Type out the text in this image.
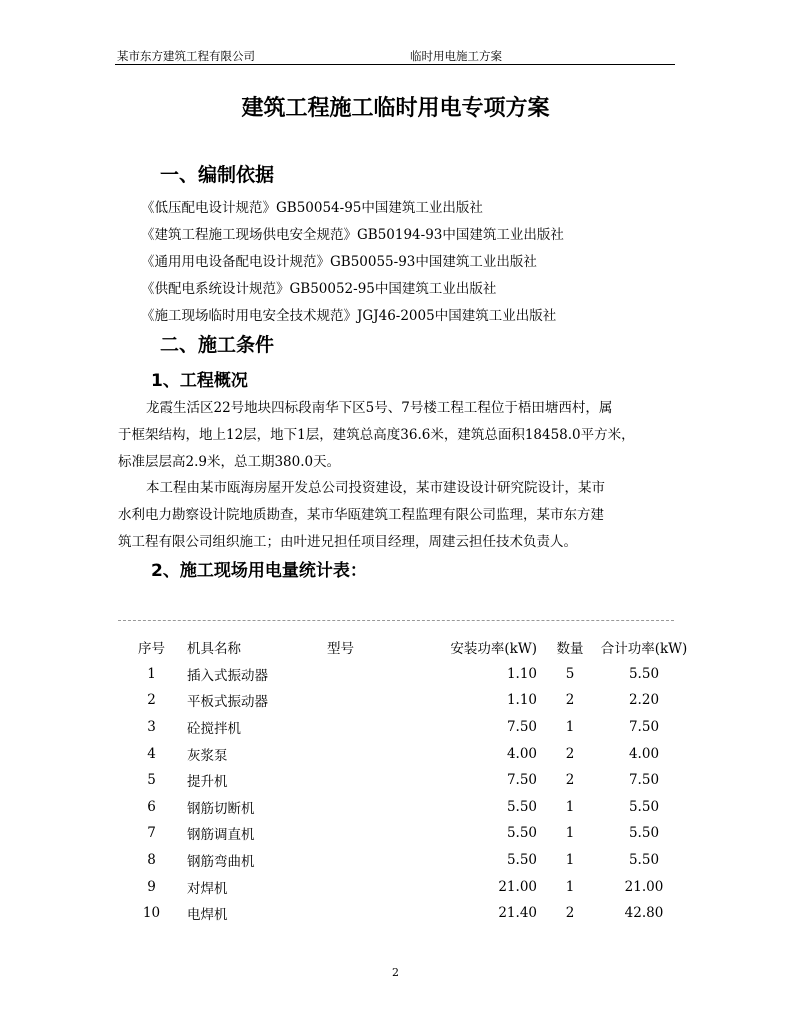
某市东方建筑工程有限公司	临时用电施工方案
建筑工程施工临时用电专项方案
一、编制依据
《低压配电设计规范》GB50054-95中国建筑工业出版社
《建筑工程施工现场供电安全规范》GB50194-93中国建筑工业出版社
《通用用电设备配电设计规范》GB50055-93中国建筑工业出版社
《供配电系统设计规范》GB50052-95中国建筑工业出版社
《施工现场临时用电安全技术规范》JGJ46-2005中国建筑工业出版社
二、施工条件
1、工程概况
龙霞生活区22号地块四标段南华下区5号、7号楼工程工程位于梧田塘西村，属
于框架结构，地上12层，地下1层，建筑总高度36.6米，建筑总面积18458.0平方米，
标准层层高2.9米，总工期380.0天。
本工程由某市瓯海房屋开发总公司投资建设，某市建设设计研究院设计，某市
水利电力勘察设计院地质勘查，某市华瓯建筑工程监理有限公司监理，某市东方建
筑工程有限公司组织施工；由叶进兄担任项目经理，周建云担任技术负责人。
2、施工现场用电量统计表：
序号	机具名称	型号	安装功率(kW)	数量	合计功率(kW)
1	插入式振动器		1.10	5	5.50
2	平板式振动器		1.10	2	2.20
3	砼搅拌机		7.50	1	7.50
4	灰浆泵		4.00	2	4.00
5	提升机		7.50	2	7.50
6	钢筋切断机		5.50	1	5.50
7	钢筋调直机		5.50	1	5.50
8	钢筋弯曲机		5.50	1	5.50
9	对焊机		21.00	1	21.00
10	电焊机		21.40	2	42.80
2
